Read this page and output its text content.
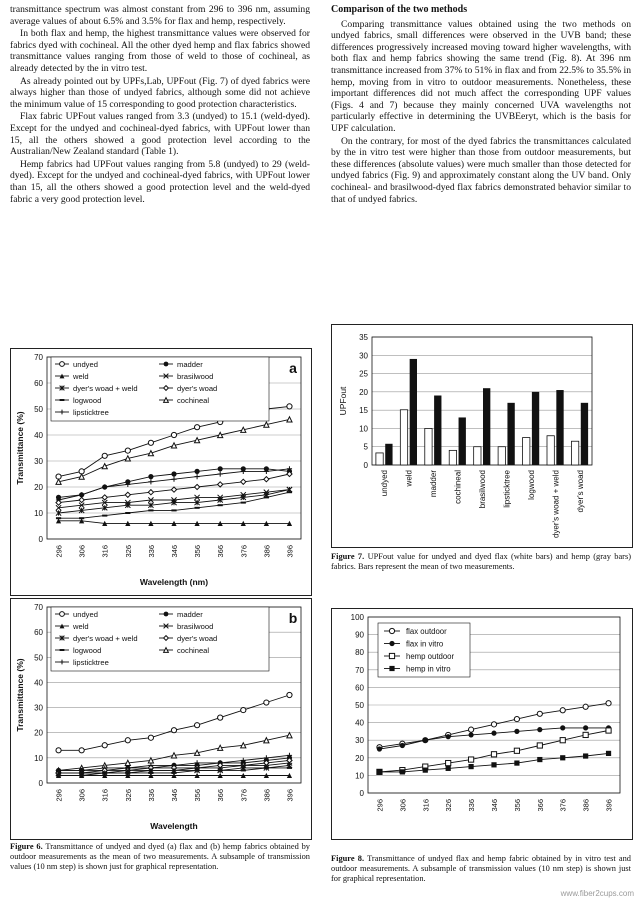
transmittance spectrum was almost constant from 296 to 396 nm, assuming average values of about 6.5% and 3.5% for flax and hemp, respectively.

In both flax and hemp, the highest transmittance values were observed for fabrics dyed with cochineal. All the other dyed hemp and flax fabrics showed transmittance values ranging from those of weld to those of cochineal, as already detected by the in vitro test.

As already pointed out by UPFs,Lab, UPFout (Fig. 7) of dyed fabrics were always higher than those of undyed fabrics, although some did not achieve the minimum value of 15 corresponding to good protection characteristics.

Flax fabric UPFout values ranged from 3.3 (undyed) to 15.1 (weld-dyed). Except for the undyed and cochineal-dyed fabrics, with UPFout lower than 15, all the others showed a good protection level according to the Australian/New Zealand standard (Table 1).

Hemp fabrics had UPFout values ranging from 5.8 (undyed) to 29 (weld-dyed). Except for the undyed and cochineal-dyed fabrics, with UPFout lower than 15, all the others showed a good protection level and the weld-dyed fabric a very good protection level.

Comparison of the two methods

Comparing transmittance values obtained using the two methods on undyed fabrics, small differences were observed in the UVB band; these differences progressively increased moving toward higher wavelengths, with both flax and hemp fabrics showing the same trend (Fig. 8). At 396 nm transmittance increased from 37% to 51% in flax and from 22.5% to 35.5% in hemp, moving from in vitro to outdoor measurements. Nonetheless, these important differences did not much affect the corresponding UPF values (Figs. 4 and 7) because they mainly concerned UVA wavelengths not particularly effective in determining the UVBEeryt, which is the basis for UPF calculation.

On the contrary, for most of the dyed fabrics the transmittances calculated by the in vitro test were higher than those from outdoor measurements, but these differences (absolute values) were much smaller than those detected for undyed fabrics (Fig. 9) and approximately constant along the UV band. Only cochineal- and brasilwood-dyed flax fabrics demonstrated behavior similar to that of undyed fabrics.

0
10
20
30
40
50
60
70
296 306 316 326 336 346 356 366 376 386 396
Transmittance (%)
Wavelength (nm)
a
undyed	madder
weld	brasilwood
dyer's woad + weld	dyer's woad
logwood	cochineal
lipsticktree
0
5
10
15
20
25
30
35
undyed weld madder cochineal brasilwood lipsticktree logwood dyer's woad + weld dyer's woad
UPFout
Figure 7. UPFout value for undyed and dyed flax (white bars) and hemp (gray bars) fabrics. Bars represent the mean of two measurements.
0
10
20
30
40
50
60
70
296 306 316 326 336 346 356 366 376 386 396
Transmittance (%)
Wavelength
b
undyed	madder
weld	brasilwood
dyer's woad + weld	dyer's woad
logwood	cochineal
lipsticktree
Figure 6. Transmittance of undyed and dyed (a) flax and (b) hemp fabrics obtained by outdoor measurements as the mean of two measurements. A subsample of transmission values (10 nm step) is shown just for graphical representation.
0
10
20
30
40
50
60
70
80
90
100
296 306 316 326 336 346 356 366 376 386 396
flax outdoor
flax in vitro
hemp outdoor
hemp in vitro
Figure 8. Transmittance of undyed flax and hemp fabric obtained by in vitro test and outdoor measurements. A subsample of transmission values (10 nm step) is shown just for graphical representation.
www.fiber2cups.com
